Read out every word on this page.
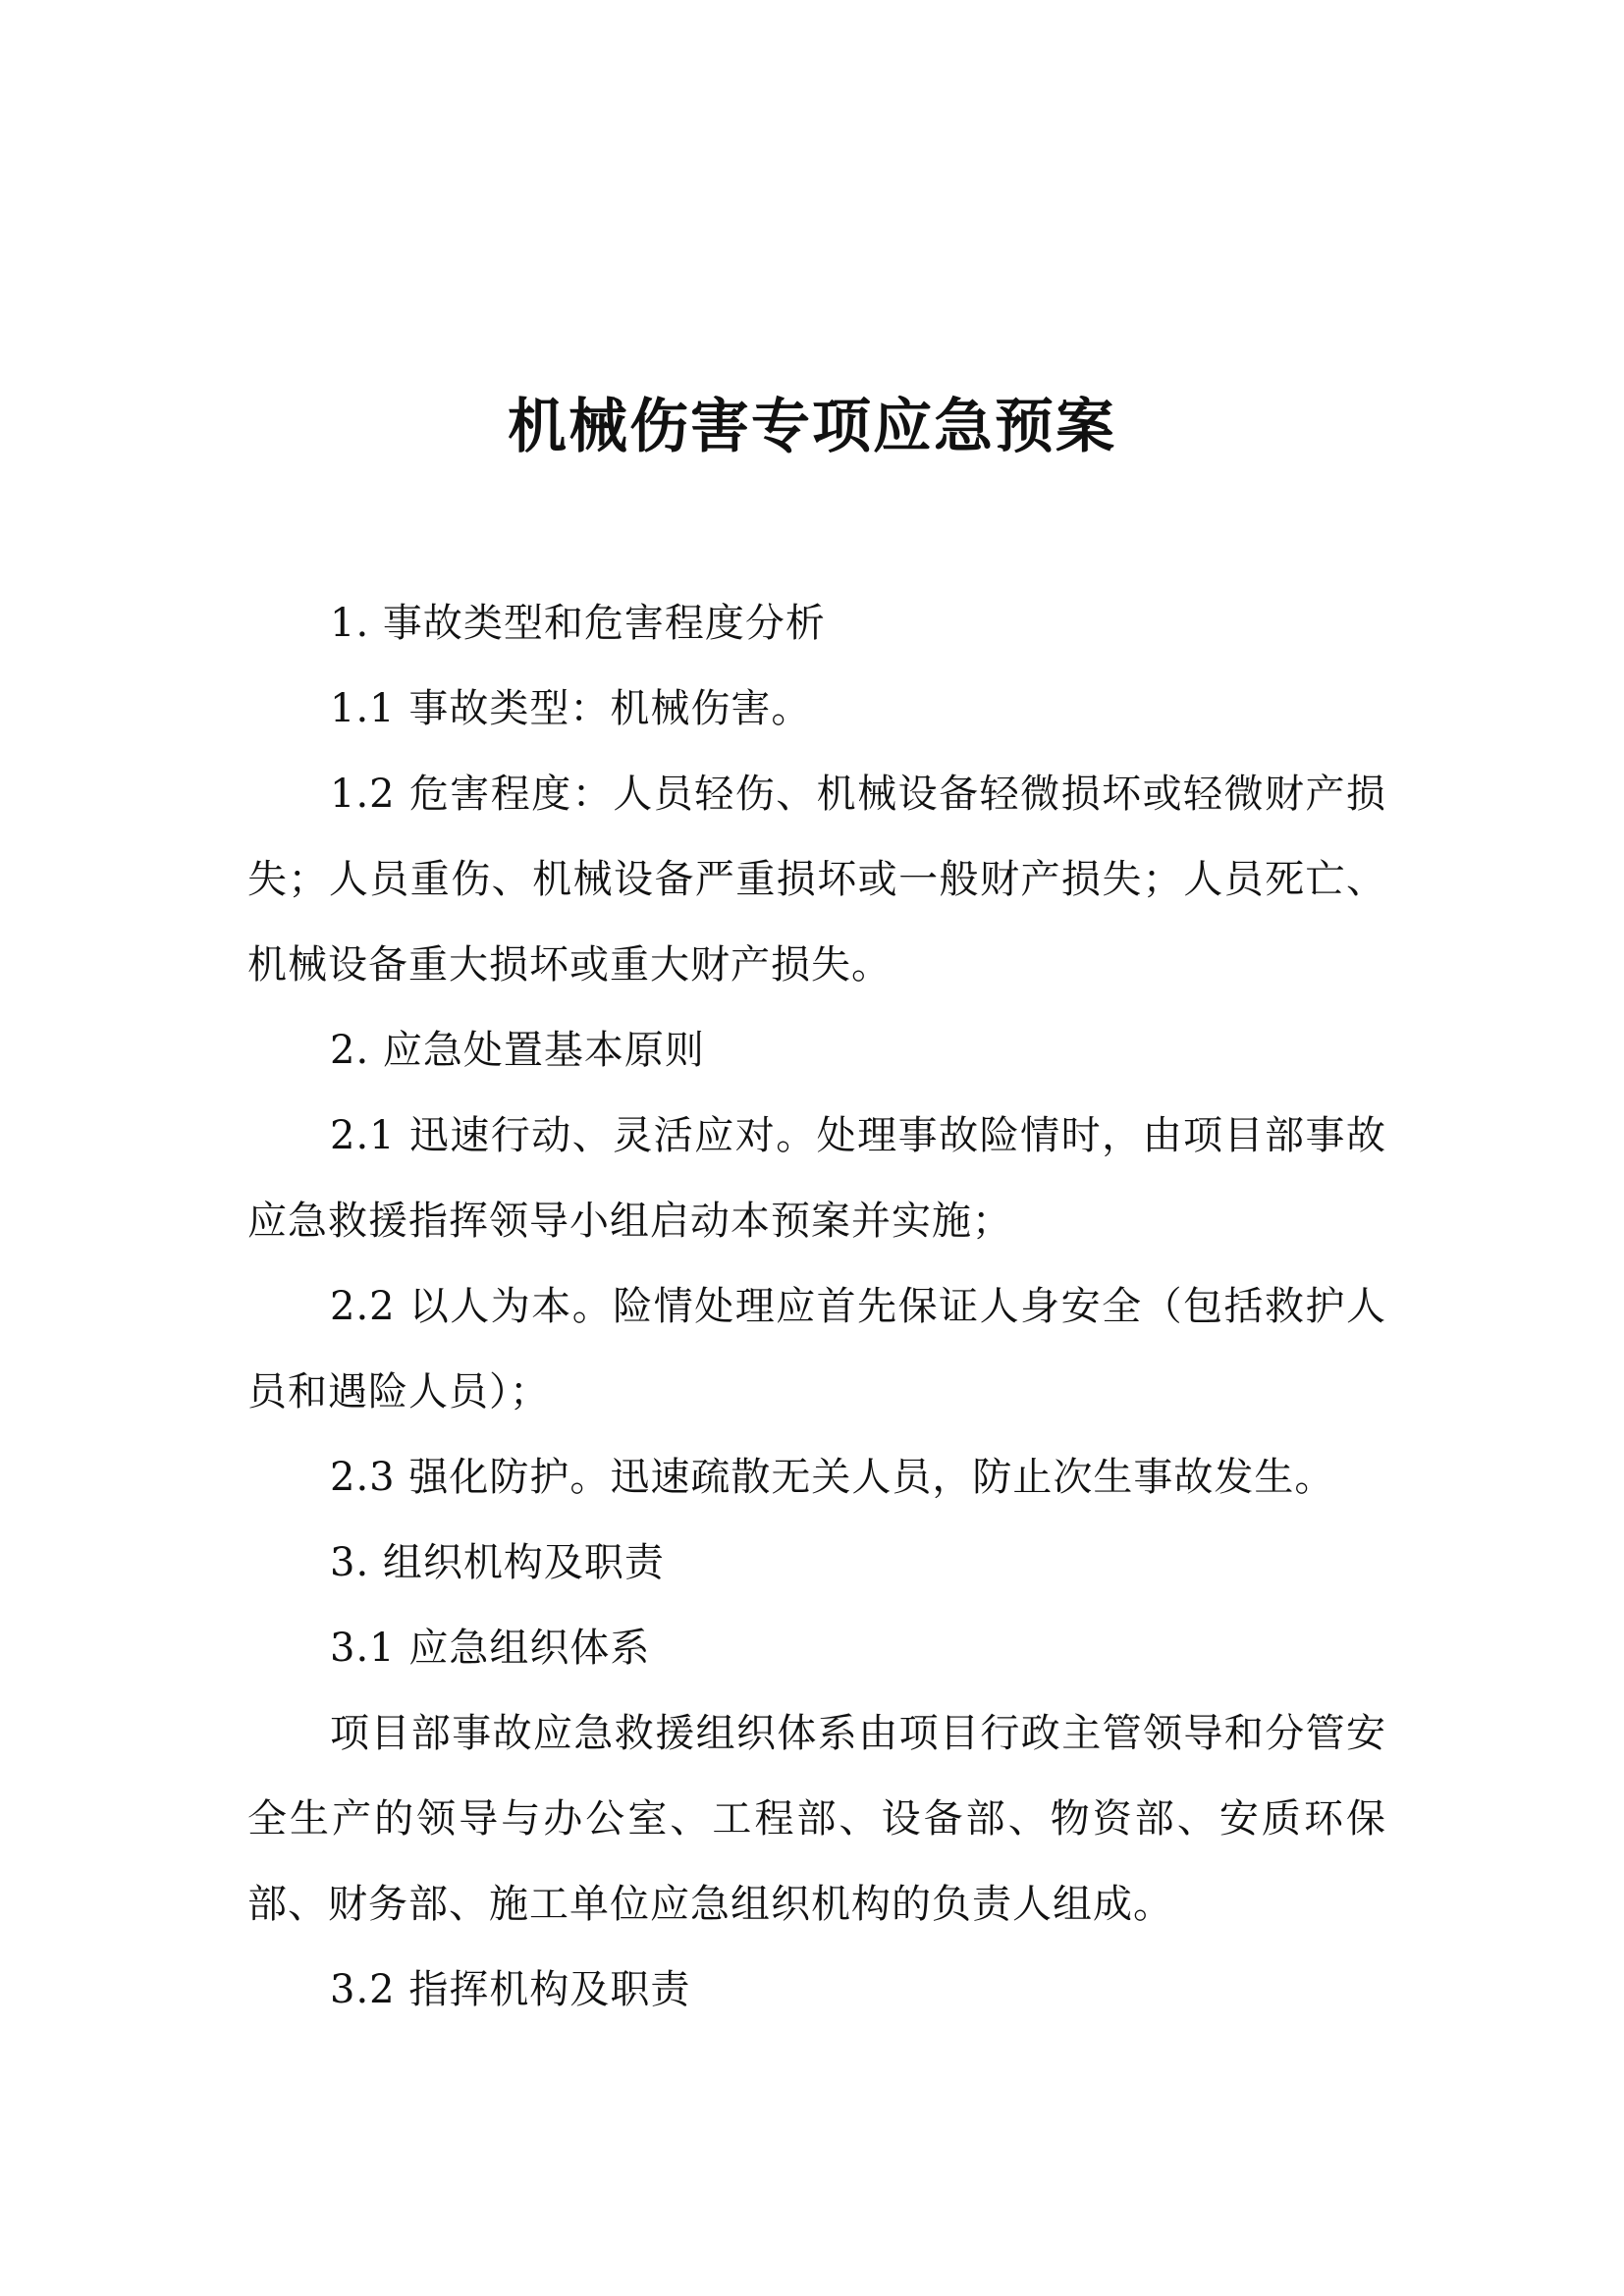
机械伤害专项应急预案

1. 事故类型和危害程度分析

1.1 事故类型：机械伤害。

1.2 危害程度：人员轻伤、机械设备轻微损坏或轻微财产损失；人员重伤、机械设备严重损坏或一般财产损失；人员死亡、机械设备重大损坏或重大财产损失。

2. 应急处置基本原则

2.1 迅速行动、灵活应对。处理事故险情时，由项目部事故应急救援指挥领导小组启动本预案并实施；

2.2 以人为本。险情处理应首先保证人身安全（包括救护人员和遇险人员）；

2.3 强化防护。迅速疏散无关人员，防止次生事故发生。

3. 组织机构及职责

3.1 应急组织体系

项目部事故应急救援组织体系由项目行政主管领导和分管安全生产的领导与办公室、工程部、设备部、物资部、安质环保部、财务部、施工单位应急组织机构的负责人组成。

3.2 指挥机构及职责
